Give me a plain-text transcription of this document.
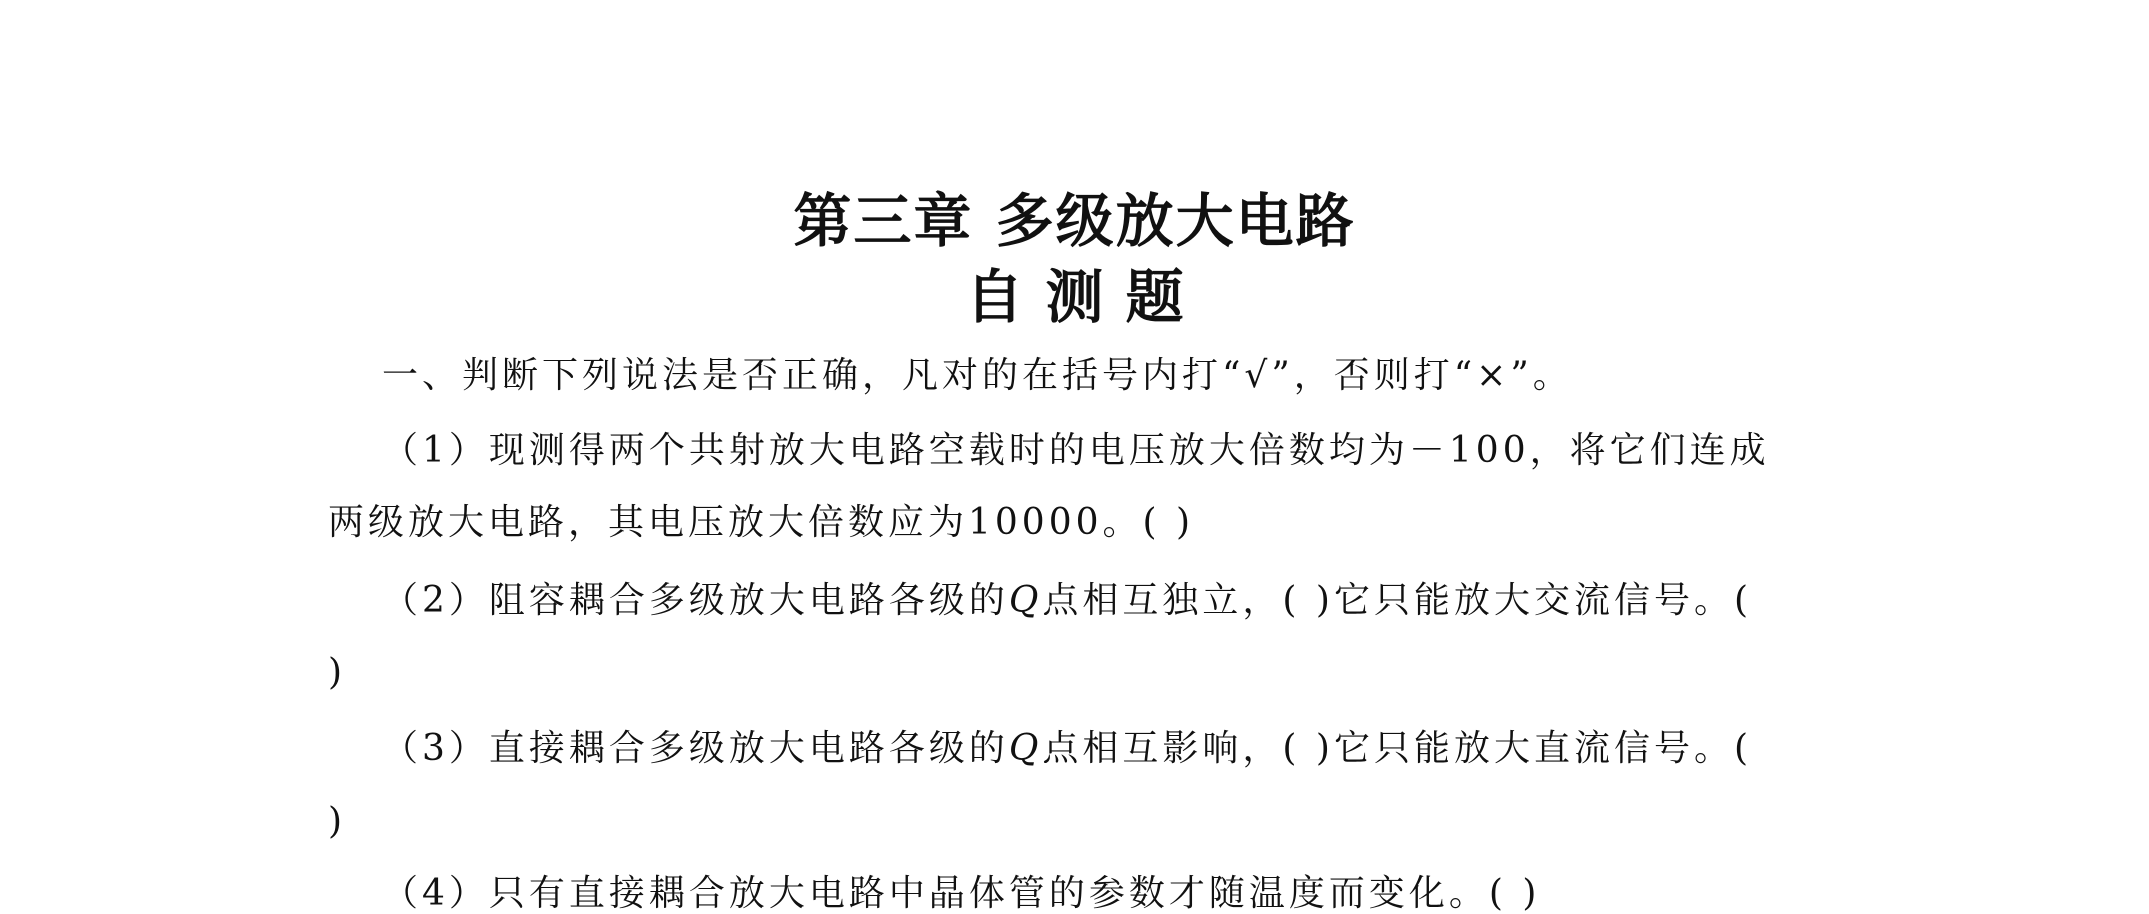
第三章 多级放大电路
自测题
一、判断下列说法是否正确，凡对的在括号内打“√”，否则打“×”。
（1）现测得两个共射放大电路空载时的电压放大倍数均为－100，将它们连成
两级放大电路，其电压放大倍数应为10000。( )
（2）阻容耦合多级放大电路各级的Q点相互独立，( )它只能放大交流信号。(
)
（3）直接耦合多级放大电路各级的Q点相互影响，( )它只能放大直流信号。(
)
（4）只有直接耦合放大电路中晶体管的参数才随温度而变化。( )
